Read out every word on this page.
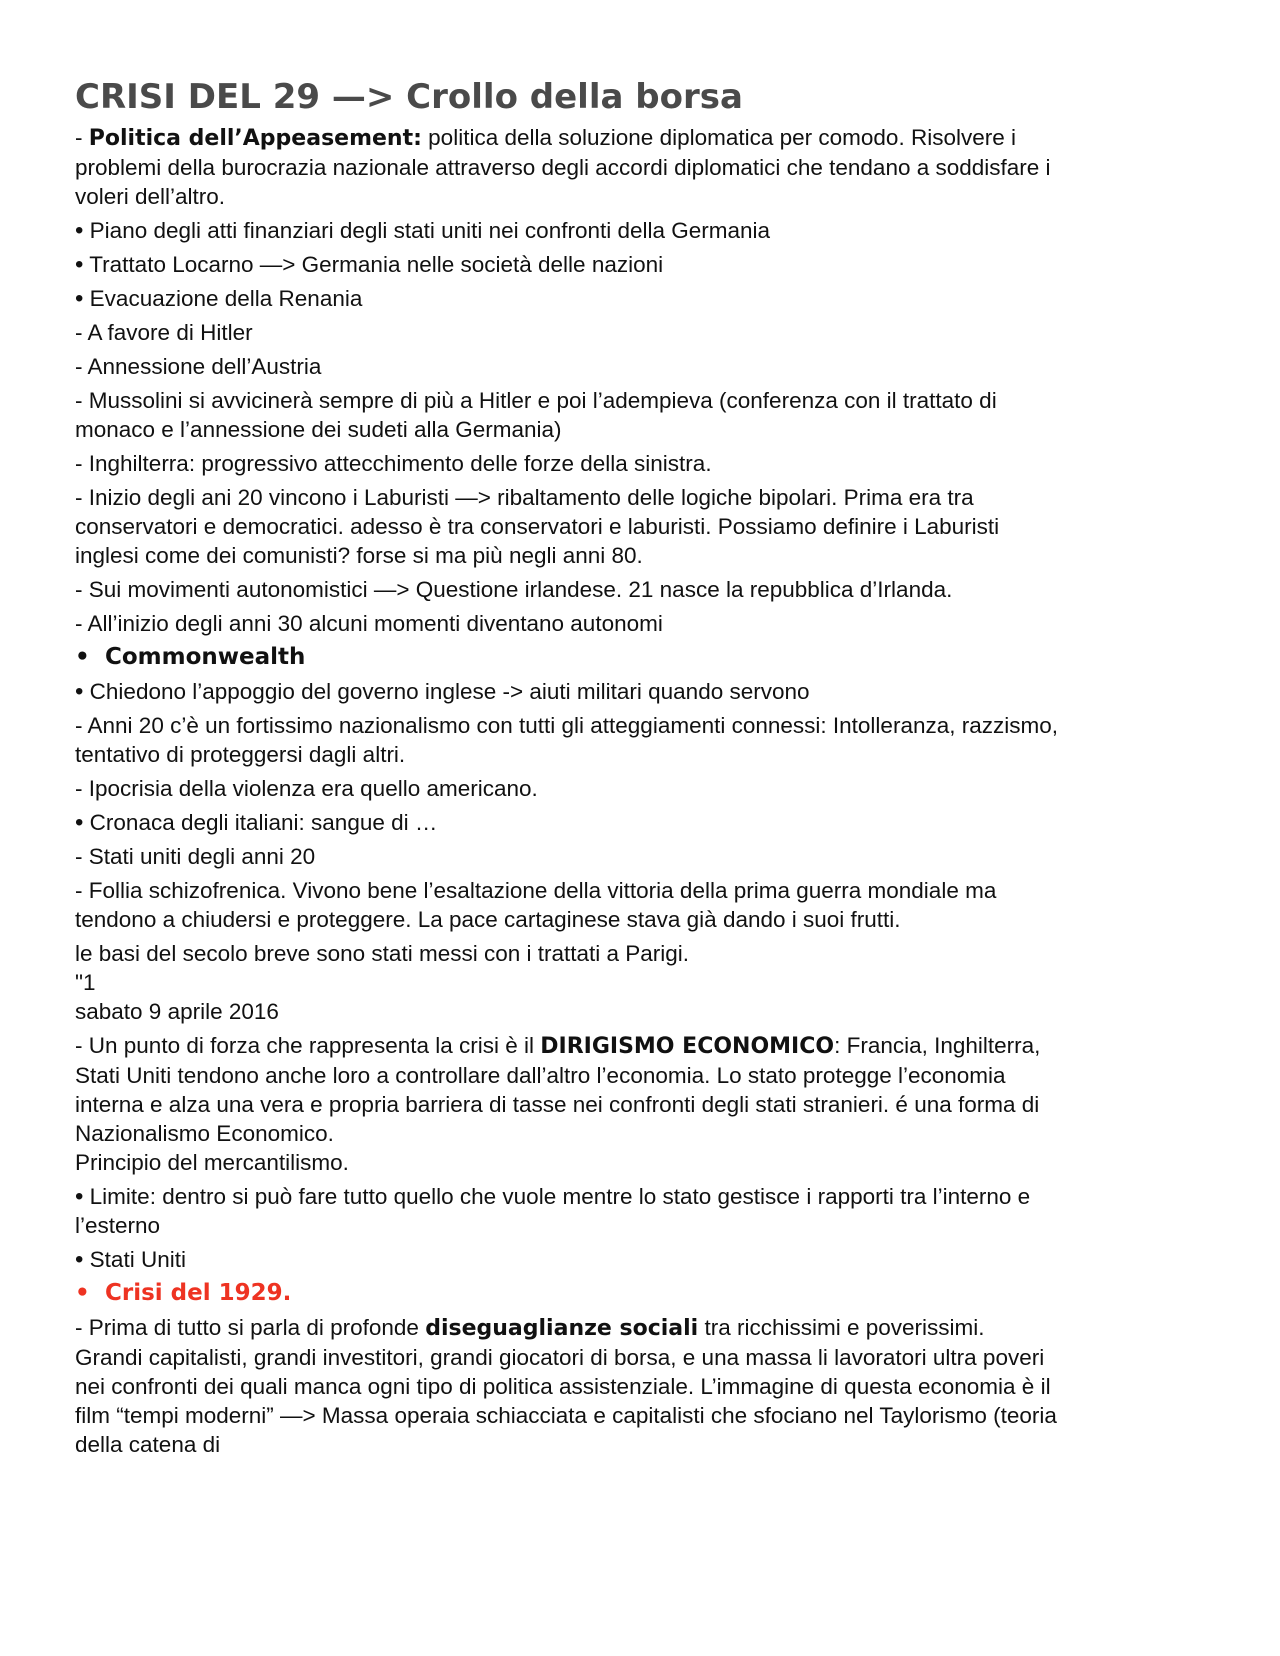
CRISI DEL 29 —> Crollo della borsa
- Politica dell’Appeasement: politica della soluzione diplomatica per comodo. Risolvere i problemi della burocrazia nazionale attraverso degli accordi diplomatici che tendano a soddisfare i voleri dell’altro.
• Piano degli atti finanziari degli stati uniti nei confronti della Germania
• Trattato Locarno —> Germania nelle società delle nazioni
• Evacuazione della Renania
- A favore di Hitler
- Annessione dell’Austria
- Mussolini si avvicinerà sempre di più a Hitler e poi l’adempieva (conferenza con il trattato di monaco e l’annessione dei sudeti alla Germania)
- Inghilterra: progressivo attecchimento delle forze della sinistra.
- Inizio degli ani 20 vincono i Laburisti —> ribaltamento delle logiche bipolari. Prima era tra conservatori e democratici. adesso è tra conservatori e laburisti. Possiamo definire i Laburisti inglesi come dei comunisti? forse si ma più negli anni 80.
- Sui movimenti autonomistici —> Questione irlandese. 21 nasce la repubblica d’Irlanda.
- All’inizio degli anni 30 alcuni momenti diventano autonomi
• Commonwealth
• Chiedono l’appoggio del governo inglese -> aiuti militari quando servono
- Anni 20 c’è un fortissimo nazionalismo con tutti gli atteggiamenti connessi: Intolleranza, razzismo, tentativo di proteggersi dagli altri.
- Ipocrisia della violenza era quello americano.
• Cronaca degli italiani: sangue di …
- Stati uniti degli anni 20
- Follia schizofrenica. Vivono bene l’esaltazione della vittoria della prima guerra mondiale ma tendono a chiudersi e proteggere. La pace cartaginese stava già dando i suoi frutti.
le basi del secolo breve sono stati messi con i trattati a Parigi.
"1
sabato 9 aprile 2016
- Un punto di forza che rappresenta la crisi è il DIRIGISMO ECONOMICO: Francia, Inghilterra, Stati Uniti tendono anche loro a controllare dall’altro l’economia. Lo stato protegge l’economia interna e alza una vera e propria barriera di tasse nei confronti degli stati stranieri. é una forma di Nazionalismo Economico.
Principio del mercantilismo.
• Limite: dentro si può fare tutto quello che vuole mentre lo stato gestisce i rapporti tra l’interno e l’esterno
• Stati Uniti
• Crisi del 1929.
- Prima di tutto si parla di profonde diseguaglianze sociali tra ricchissimi e poverissimi.
Grandi capitalisti, grandi investitori, grandi giocatori di borsa, e una massa li lavoratori ultra poveri nei confronti dei quali manca ogni tipo di politica assistenziale. L’immagine di questa economia è il film “tempi moderni” —> Massa operaia schiacciata e capitalisti che sfociano nel Taylorismo (teoria della catena di
